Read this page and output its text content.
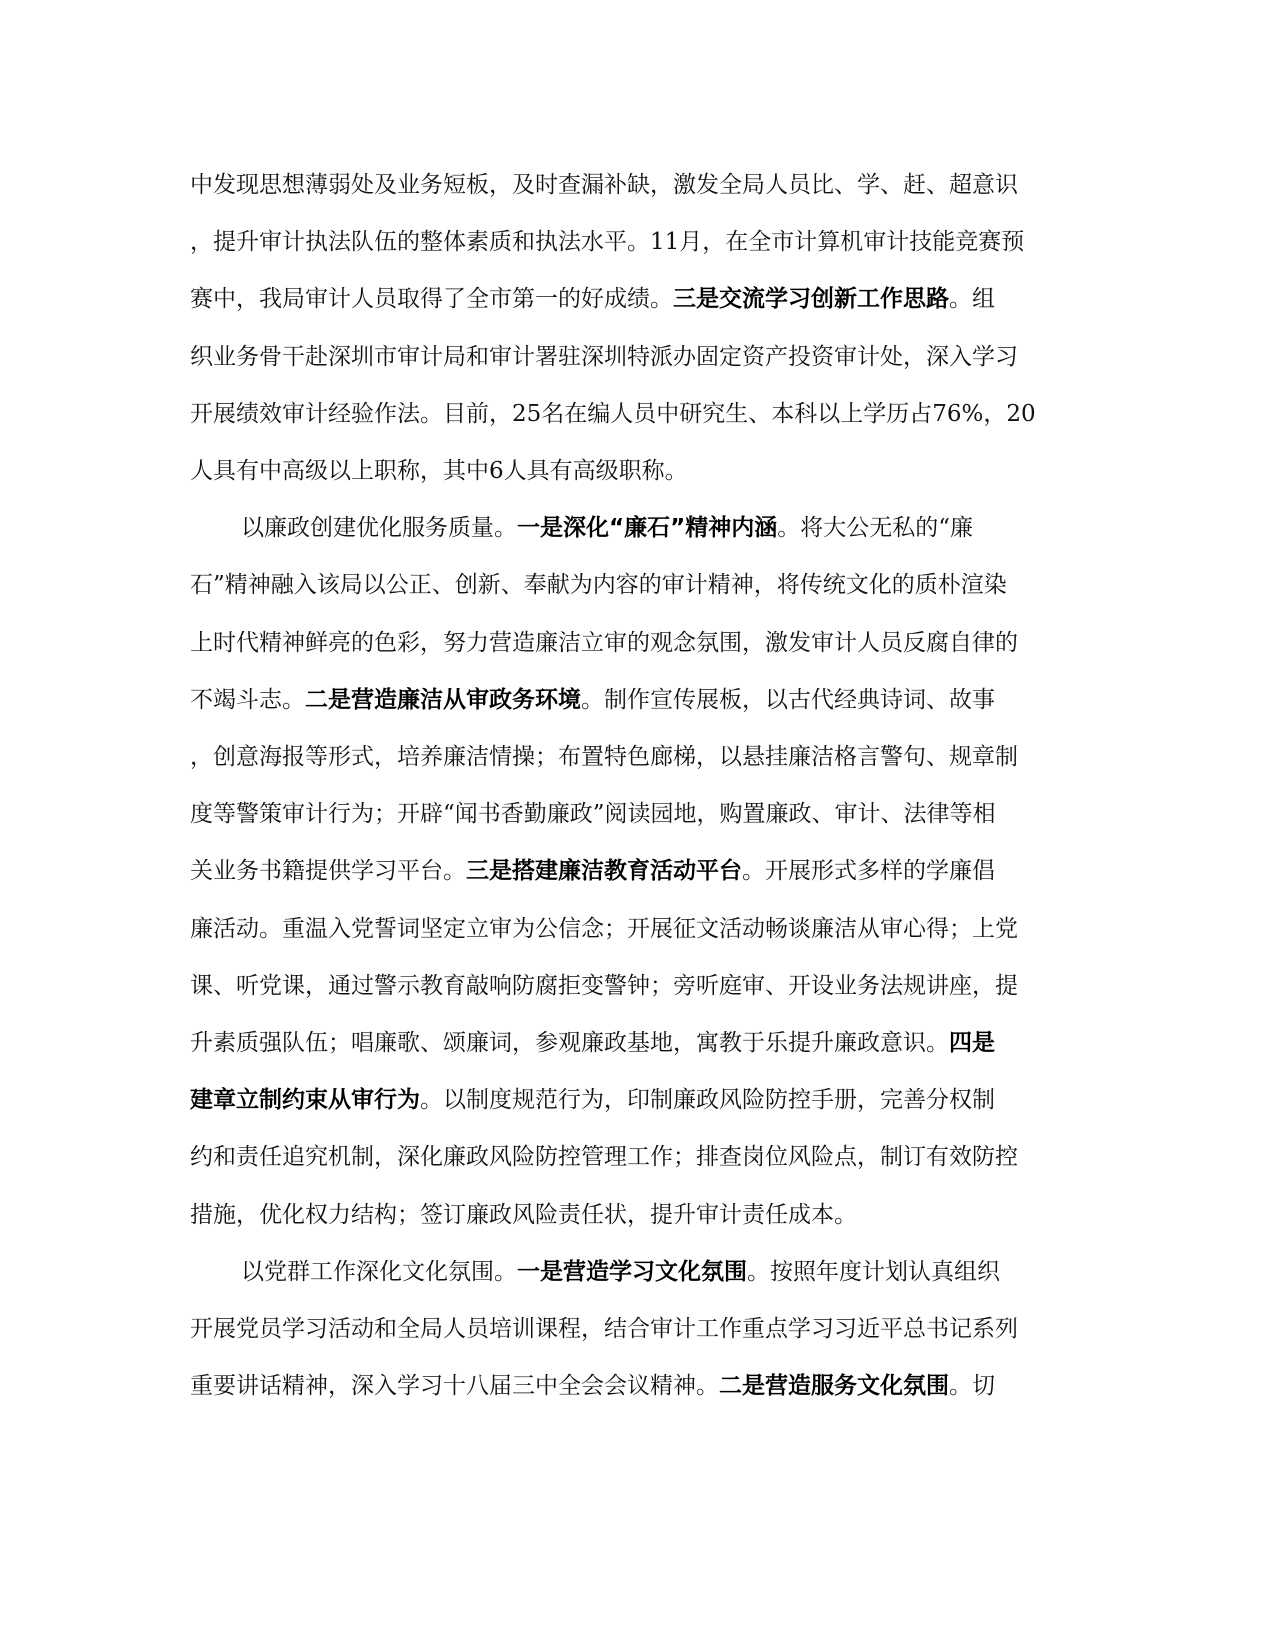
中发现思想薄弱处及业务短板，及时查漏补缺，激发全局人员比、学、赶、超意识
，提升审计执法队伍的整体素质和执法水平。11月，在全市计算机审计技能竞赛预
赛中，我局审计人员取得了全市第一的好成绩。三是交流学习创新工作思路。组
织业务骨干赴深圳市审计局和审计署驻深圳特派办固定资产投资审计处，深入学习
开展绩效审计经验作法。目前，25名在编人员中研究生、本科以上学历占76%，20
人具有中高级以上职称，其中6人具有高级职称。
以廉政创建优化服务质量。一是深化“廉石”精神内涵。将大公无私的“廉
石”精神融入该局以公正、创新、奉献为内容的审计精神，将传统文化的质朴渲染
上时代精神鲜亮的色彩，努力营造廉洁立审的观念氛围，激发审计人员反腐自律的
不竭斗志。二是营造廉洁从审政务环境。制作宣传展板，以古代经典诗词、故事
，创意海报等形式，培养廉洁情操；布置特色廊梯，以悬挂廉洁格言警句、规章制
度等警策审计行为；开辟“闻书香勤廉政”阅读园地，购置廉政、审计、法律等相
关业务书籍提供学习平台。三是搭建廉洁教育活动平台。开展形式多样的学廉倡
廉活动。重温入党誓词坚定立审为公信念；开展征文活动畅谈廉洁从审心得；上党
课、听党课，通过警示教育敲响防腐拒变警钟；旁听庭审、开设业务法规讲座，提
升素质强队伍；唱廉歌、颂廉词，参观廉政基地，寓教于乐提升廉政意识。四是
建章立制约束从审行为。以制度规范行为，印制廉政风险防控手册，完善分权制
约和责任追究机制，深化廉政风险防控管理工作；排查岗位风险点，制订有效防控
措施，优化权力结构；签订廉政风险责任状，提升审计责任成本。
以党群工作深化文化氛围。一是营造学习文化氛围。按照年度计划认真组织
开展党员学习活动和全局人员培训课程，结合审计工作重点学习习近平总书记系列
重要讲话精神，深入学习十八届三中全会会议精神。二是营造服务文化氛围。切
